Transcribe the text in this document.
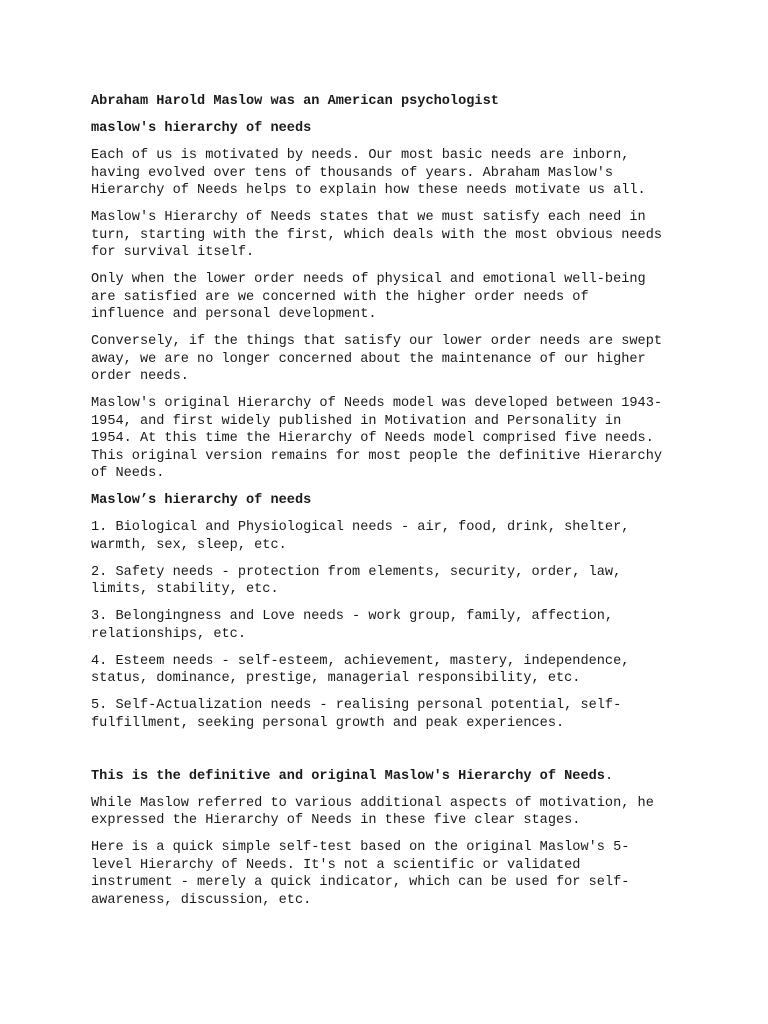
Abraham Harold Maslow was an American psychologist

maslow's hierarchy of needs

Each of us is motivated by needs. Our most basic needs are inborn,
having evolved over tens of thousands of years. Abraham Maslow's
Hierarchy of Needs helps to explain how these needs motivate us all.

Maslow's Hierarchy of Needs states that we must satisfy each need in
turn, starting with the first, which deals with the most obvious needs
for survival itself.

Only when the lower order needs of physical and emotional well-being
are satisfied are we concerned with the higher order needs of
influence and personal development.

Conversely, if the things that satisfy our lower order needs are swept
away, we are no longer concerned about the maintenance of our higher
order needs.

Maslow's original Hierarchy of Needs model was developed between 1943-
1954, and first widely published in Motivation and Personality in
1954. At this time the Hierarchy of Needs model comprised five needs.
This original version remains for most people the definitive Hierarchy
of Needs.

Maslow’s hierarchy of needs

1. Biological and Physiological needs - air, food, drink, shelter,
warmth, sex, sleep, etc.

2. Safety needs - protection from elements, security, order, law,
limits, stability, etc.

3. Belongingness and Love needs - work group, family, affection,
relationships, etc.

4. Esteem needs - self-esteem, achievement, mastery, independence,
status, dominance, prestige, managerial responsibility, etc.

5. Self-Actualization needs - realising personal potential, self-
fulfillment, seeking personal growth and peak experiences.

This is the definitive and original Maslow's Hierarchy of Needs.

While Maslow referred to various additional aspects of motivation, he
expressed the Hierarchy of Needs in these five clear stages.

Here is a quick simple self-test based on the original Maslow's 5-
level Hierarchy of Needs. It's not a scientific or validated
instrument - merely a quick indicator, which can be used for self-
awareness, discussion, etc.
